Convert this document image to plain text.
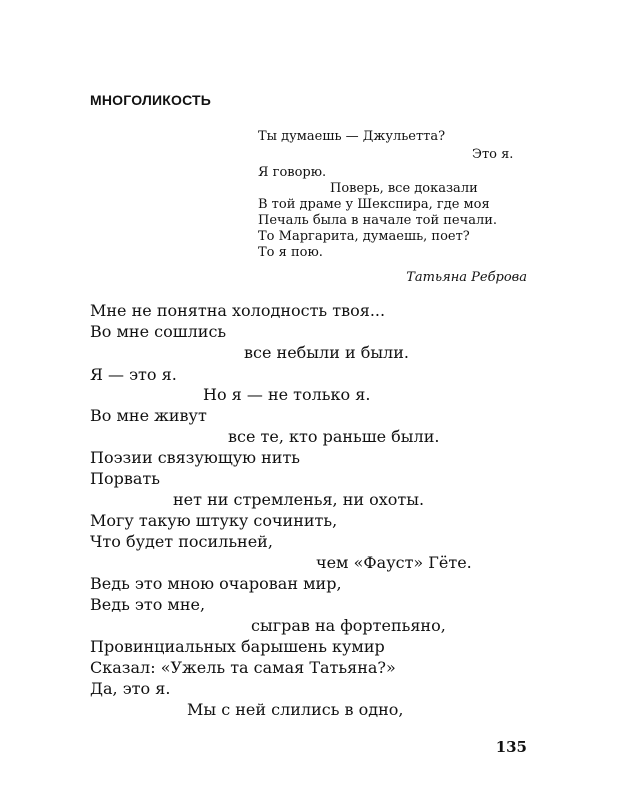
МНОГОЛИКОСТЬ
Ты думаешь — Джульетта?
Это я.
Я говорю.
Поверь, все доказали
В той драме у Шекспира, где моя
Печаль была в начале той печали.
То Маргарита, думаешь, поет?
То я пою.
Татьяна Реброва
Мне не понятна холодность твоя...
Во мне сошлись
все небыли и были.
Я — это я.
Но я — не только я.
Во мне живут
все те, кто раньше были.
Поэзии связующую нить
Порвать
нет ни стремленья, ни охоты.
Могу такую штуку сочинить,
Что будет посильней,
чем «Фауст» Гёте.
Ведь это мною очарован мир,
Ведь это мне,
сыграв на фортепьяно,
Провинциальных барышень кумир
Сказал: «Ужель та самая Татьяна?»
Да, это я.
Мы с ней слились в одно,
135
